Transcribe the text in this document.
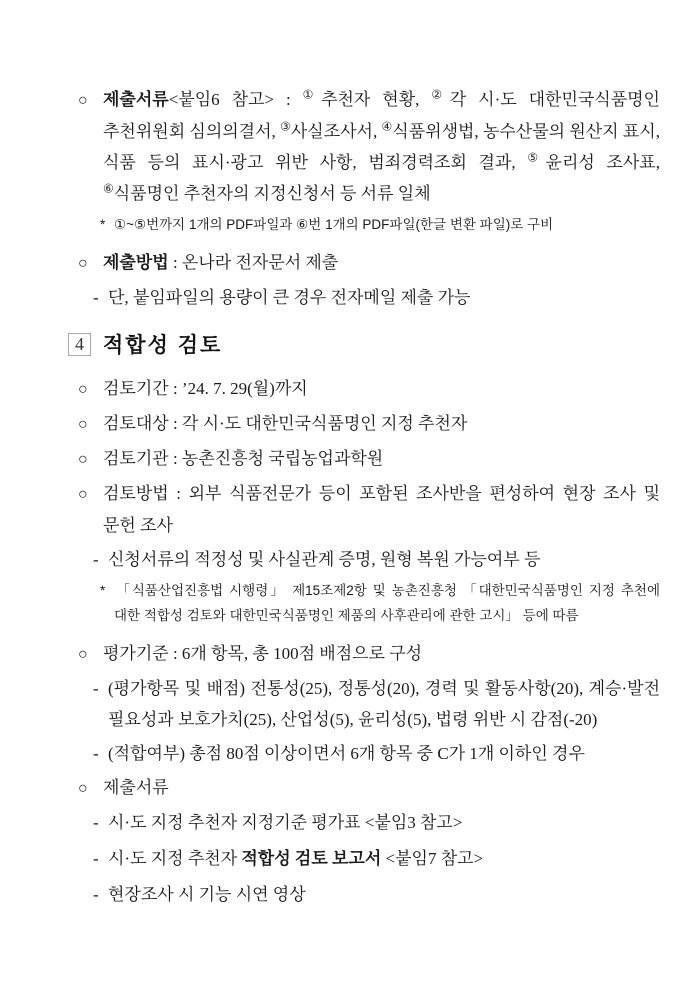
○ 제출서류<붙임6 참고> : ①추천자 현황, ②각 시·도 대한민국식품명인 추천위원회 심의의결서, ③사실조사서, ④식품위생법, 농수산물의 원산지 표시, 식품 등의 표시·광고 위반 사항, 범죄경력조회 결과, ⑤윤리성 조사표, ⑥식품명인 추천자의 지정신청서 등 서류 일체

* ①~⑤번까지 1개의 PDF파일과 ⑥번 1개의 PDF파일(한글 변환 파일)로 구비

○ 제출방법 : 온나라 전자문서 제출

- 단, 붙임파일의 용량이 큰 경우 전자메일 제출 가능

4 적합성 검토

○ 검토기간 : ’24. 7. 29(월)까지

○ 검토대상 : 각 시·도 대한민국식품명인 지정 추천자

○ 검토기관 : 농촌진흥청 국립농업과학원

○ 검토방법 : 외부 식품전문가 등이 포함된 조사반을 편성하여 현장 조사 및 문헌 조사

- 신청서류의 적정성 및 사실관계 증명, 원형 복원 가능여부 등

* 「식품산업진흥법 시행령」 제15조제2항 및 농촌진흥청 「대한민국식품명인 지정 추천에 대한 적합성 검토와 대한민국식품명인 제품의 사후관리에 관한 고시」 등에 따름

○ 평가기준 : 6개 항목, 총 100점 배점으로 구성

- (평가항목 및 배점) 전통성(25), 정통성(20), 경력 및 활동사항(20), 계승·발전 필요성과 보호가치(25), 산업성(5), 윤리성(5), 법령 위반 시 감점(-20)

- (적합여부) 총점 80점 이상이면서 6개 항목 중 C가 1개 이하인 경우

○ 제출서류

- 시·도 지정 추천자 지정기준 평가표 <붙임3 참고>

- 시·도 지정 추천자 적합성 검토 보고서 <붙임7 참고>

- 현장조사 시 기능 시연 영상
